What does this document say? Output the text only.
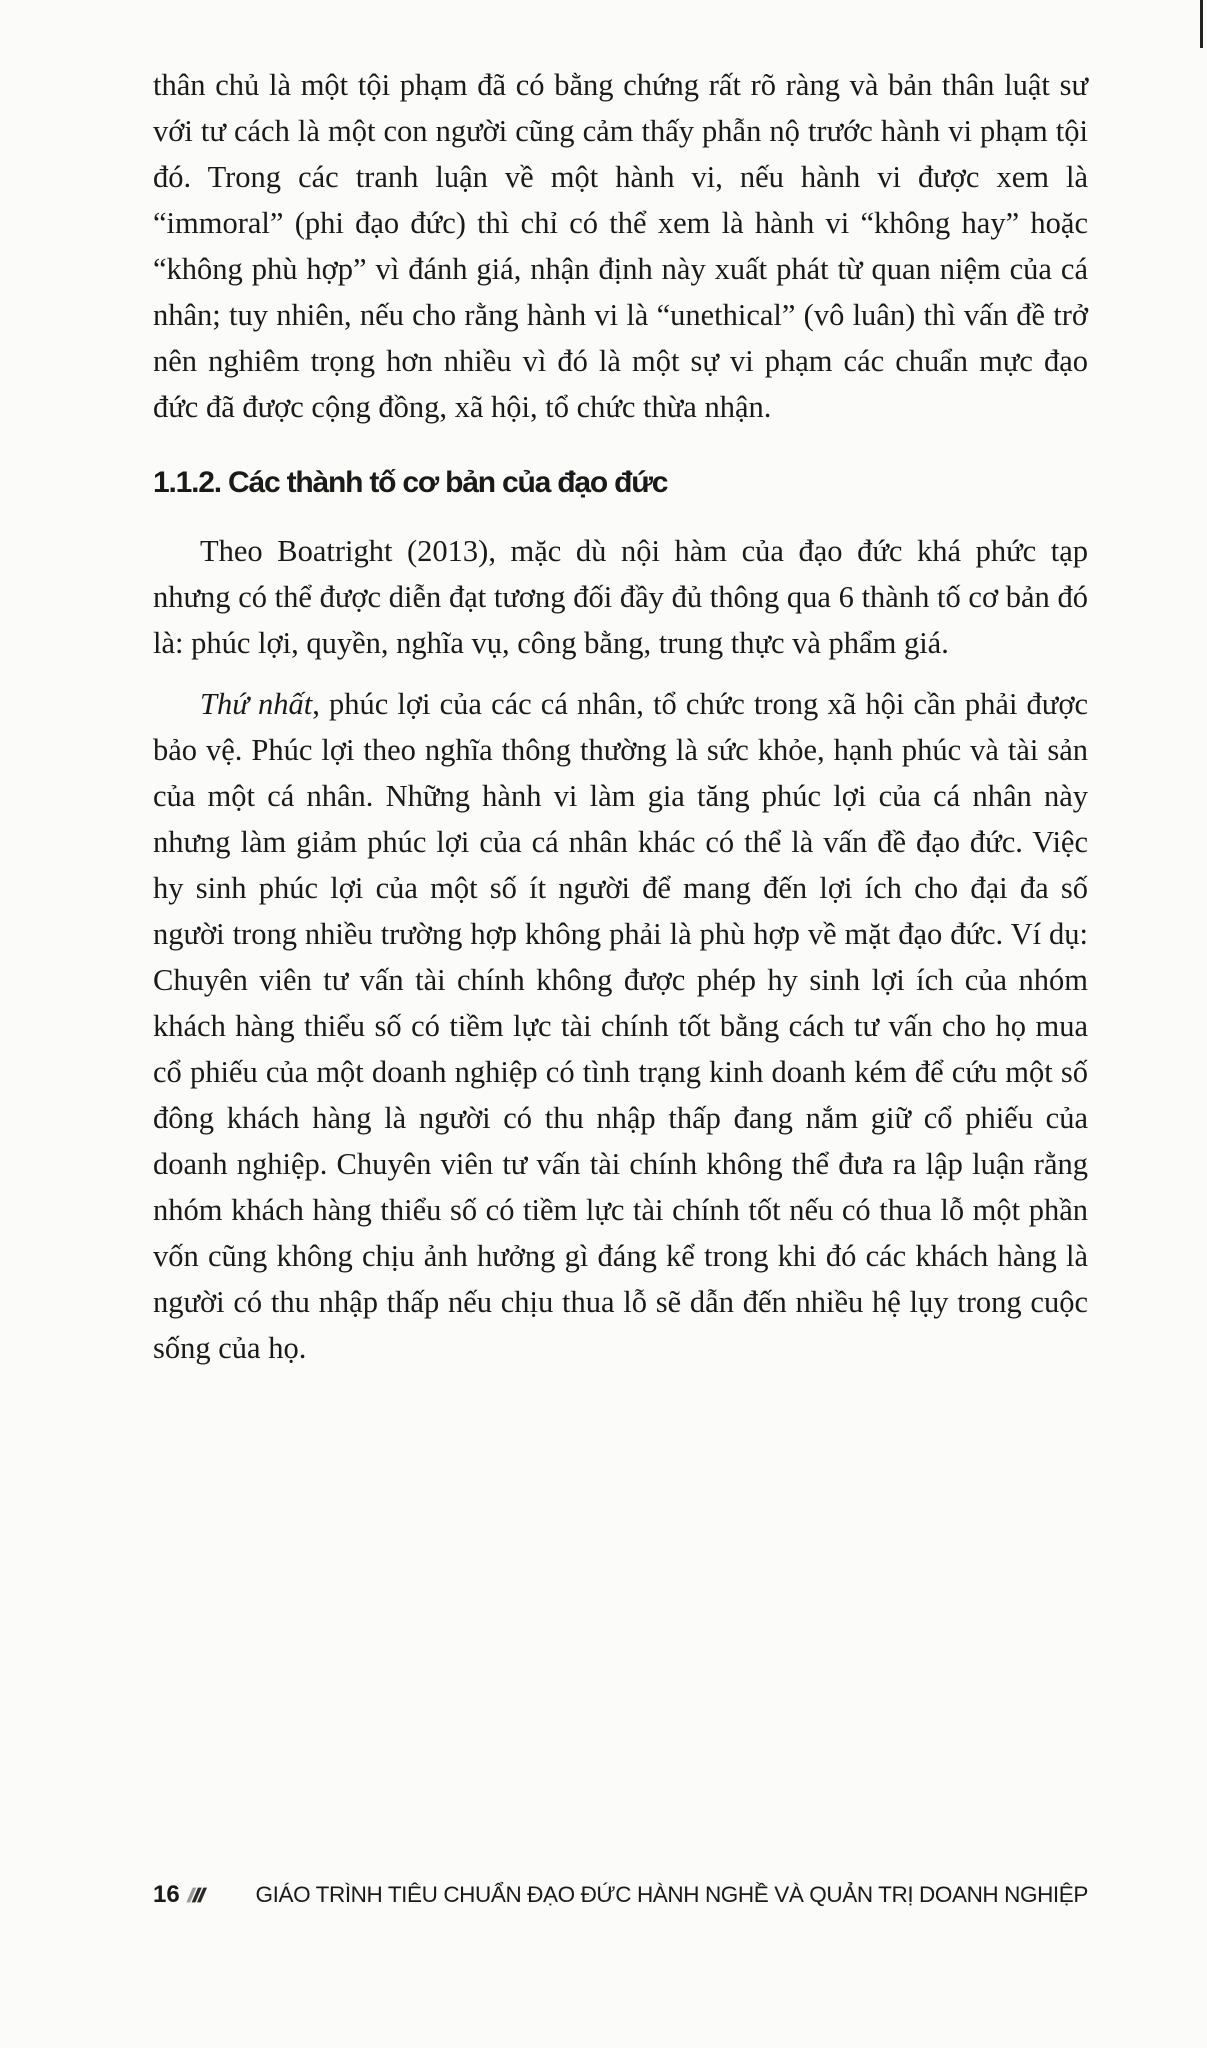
thân chủ là một tội phạm đã có bằng chứng rất rõ ràng và bản thân luật sư với tư cách là một con người cũng cảm thấy phẫn nộ trước hành vi phạm tội đó. Trong các tranh luận về một hành vi, nếu hành vi được xem là “immoral” (phi đạo đức) thì chỉ có thể xem là hành vi “không hay” hoặc “không phù hợp” vì đánh giá, nhận định này xuất phát từ quan niệm của cá nhân; tuy nhiên, nếu cho rằng hành vi là “unethical” (vô luân) thì vấn đề trở nên nghiêm trọng hơn nhiều vì đó là một sự vi phạm các chuẩn mực đạo đức đã được cộng đồng, xã hội, tổ chức thừa nhận.

1.1.2. Các thành tố cơ bản của đạo đức

Theo Boatright (2013), mặc dù nội hàm của đạo đức khá phức tạp nhưng có thể được diễn đạt tương đối đầy đủ thông qua 6 thành tố cơ bản đó là: phúc lợi, quyền, nghĩa vụ, công bằng, trung thực và phẩm giá.

Thứ nhất, phúc lợi của các cá nhân, tổ chức trong xã hội cần phải được bảo vệ. Phúc lợi theo nghĩa thông thường là sức khỏe, hạnh phúc và tài sản của một cá nhân. Những hành vi làm gia tăng phúc lợi của cá nhân này nhưng làm giảm phúc lợi của cá nhân khác có thể là vấn đề đạo đức. Việc hy sinh phúc lợi của một số ít người để mang đến lợi ích cho đại đa số người trong nhiều trường hợp không phải là phù hợp về mặt đạo đức. Ví dụ: Chuyên viên tư vấn tài chính không được phép hy sinh lợi ích của nhóm khách hàng thiểu số có tiềm lực tài chính tốt bằng cách tư vấn cho họ mua cổ phiếu của một doanh nghiệp có tình trạng kinh doanh kém để cứu một số đông khách hàng là người có thu nhập thấp đang nắm giữ cổ phiếu của doanh nghiệp. Chuyên viên tư vấn tài chính không thể đưa ra lập luận rằng nhóm khách hàng thiểu số có tiềm lực tài chính tốt nếu có thua lỗ một phần vốn cũng không chịu ảnh hưởng gì đáng kể trong khi đó các khách hàng là người có thu nhập thấp nếu chịu thua lỗ sẽ dẫn đến nhiều hệ lụy trong cuộc sống của họ.

16	GIÁO TRÌNH TIÊU CHUẨN ĐẠO ĐỨC HÀNH NGHỀ VÀ QUẢN TRỊ DOANH NGHIỆP
